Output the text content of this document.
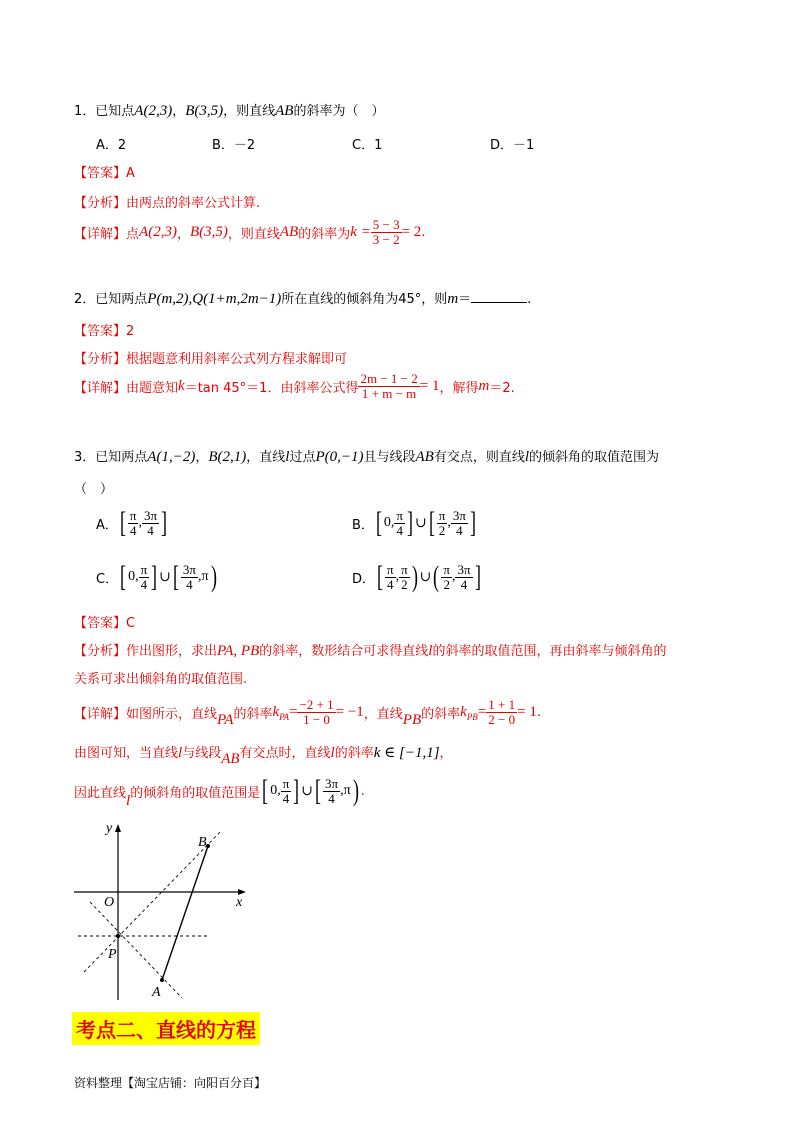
1．已知点A(2,3)，B(3,5)，则直线AB的斜率为（　）
A．2	B．－2	C．1	D．－1
【答案】A
【分析】由两点的斜率公式计算.
【详解】 点 A(2,3) ， B(3,5) ，则直线 AB 的斜率为 $k = \frac{5 - 3}{3 - 2} = 2$ .
2．已知两点P(m,2),Q(1+m,2m−1)所在直线的倾斜角为45°，则m＝	.
【答案】2
【分析】根据题意利用斜率公式列方程求解即可
【详解】 由题意知 k ＝tan 45°＝1．由斜率公式得 $\frac{2m - 1 - 2}{1 + m - m} = 1$ ，解得 m ＝2.
3．已知两点A(1,−2)，B(2,1)，直线l过点P(0,−1)且与线段AB有交点，则直线l的倾斜角的取值范围为
（　）
A． [ $\frac{\pi}{4}$ , $\frac{3\pi}{4}$ ]	B． [ 0, $\frac{\pi}{4}$ ] ∪ [ $\frac{\pi}{2}$ , $\frac{3\pi}{4}$ ]
C． [ 0, $\frac{\pi}{4}$ ] ∪ [ $\frac{3\pi}{4}$ , π )	D． [ $\frac{\pi}{4}$ , $\frac{\pi}{2}$ ) ∪ ( $\frac{\pi}{2}$ , $\frac{3\pi}{4}$ ]
【答案】C
【分析】作出图形，求出PA, PB的斜率，数形结合可求得直线l的斜率的取值范围，再由斜率与倾斜角的
关系可求出倾斜角的取值范围.
【详解】 如图所示，直线 PA 的斜率 k PA = $\frac{-2 + 1}{1 - 0} = -1$ ，直线 PB 的斜率 k PB = $\frac{1 + 1}{2 - 0} = 1$ .
由图可知，当直线l与线段AB有交点时，直线l的斜率k ∈ [−1,1]，
因此直线 l 的倾斜角的取值范围是 [ 0, $\frac{\pi}{4}$ ] ∪ [ $\frac{3\pi}{4}$ , π ) .
y
x
O
P
A
B
考点二、直线的方程
资料整理【淘宝店铺：向阳百分百】
